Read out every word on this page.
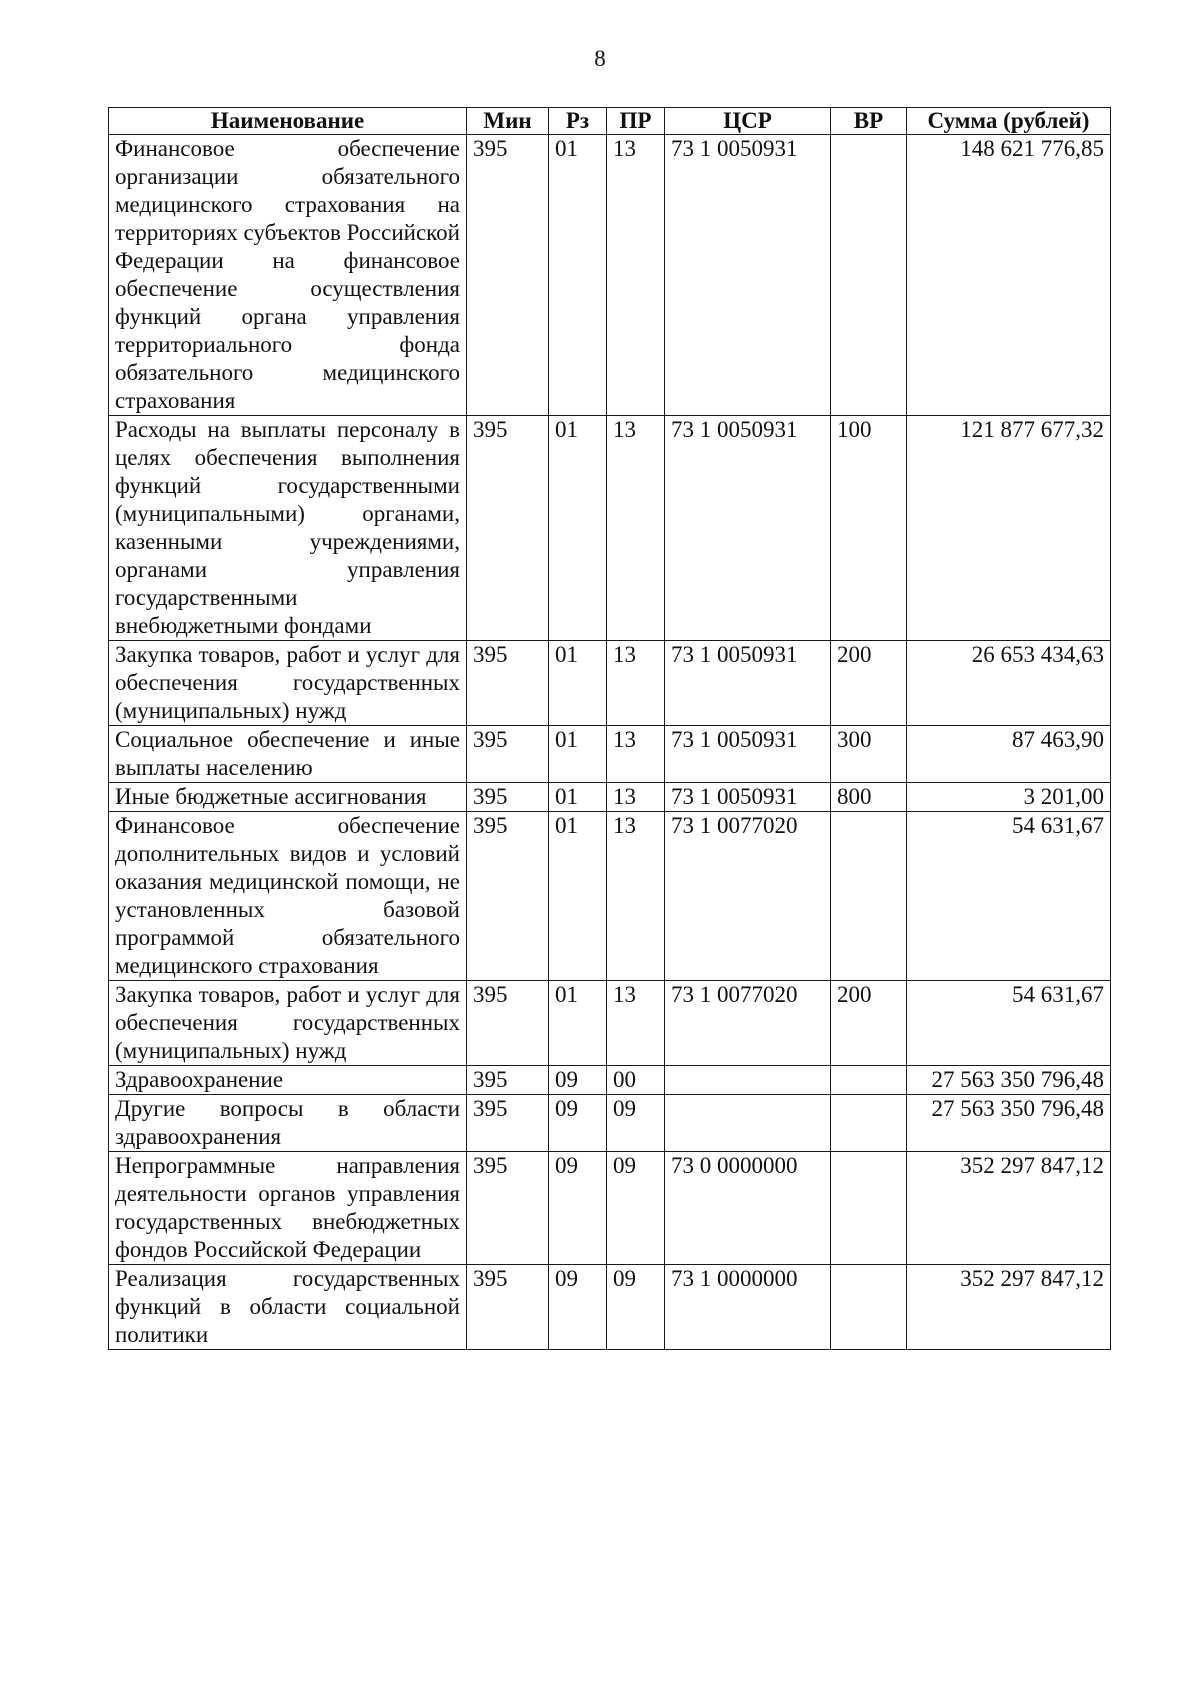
8
Наименование	Мин	Рз	ПР	ЦСР	ВР	Сумма (рублей)
Финансовое обеспечение организации обязательного медицинского страхования на территориях субъектов Российской Федерации на финансовое обеспечение осуществления функций органа управления территориального фонда обязательного медицинского страхования	395	01	13	73 1 0050931		148 621 776,85
Расходы на выплаты персоналу в целях обеспечения выполнения функций государственными (муниципальными) органами, казенными учреждениями, органами управления государственными внебюджетными фондами	395	01	13	73 1 0050931	100	121 877 677,32
Закупка товаров, работ и услуг для обеспечения государственных (муниципальных) нужд	395	01	13	73 1 0050931	200	26 653 434,63
Социальное обеспечение и иные выплаты населению	395	01	13	73 1 0050931	300	87 463,90
Иные бюджетные ассигнования	395	01	13	73 1 0050931	800	3 201,00
Финансовое обеспечение дополнительных видов и условий оказания медицинской помощи, не установленных базовой программой обязательного медицинского страхования	395	01	13	73 1 0077020		54 631,67
Закупка товаров, работ и услуг для обеспечения государственных (муниципальных) нужд	395	01	13	73 1 0077020	200	54 631,67
Здравоохранение	395	09	00			27 563 350 796,48
Другие вопросы в области здравоохранения	395	09	09			27 563 350 796,48
Непрограммные направления деятельности органов управления государственных внебюджетных фондов Российской Федерации	395	09	09	73 0 0000000		352 297 847,12
Реализация государственных функций в области социальной политики	395	09	09	73 1 0000000		352 297 847,12
